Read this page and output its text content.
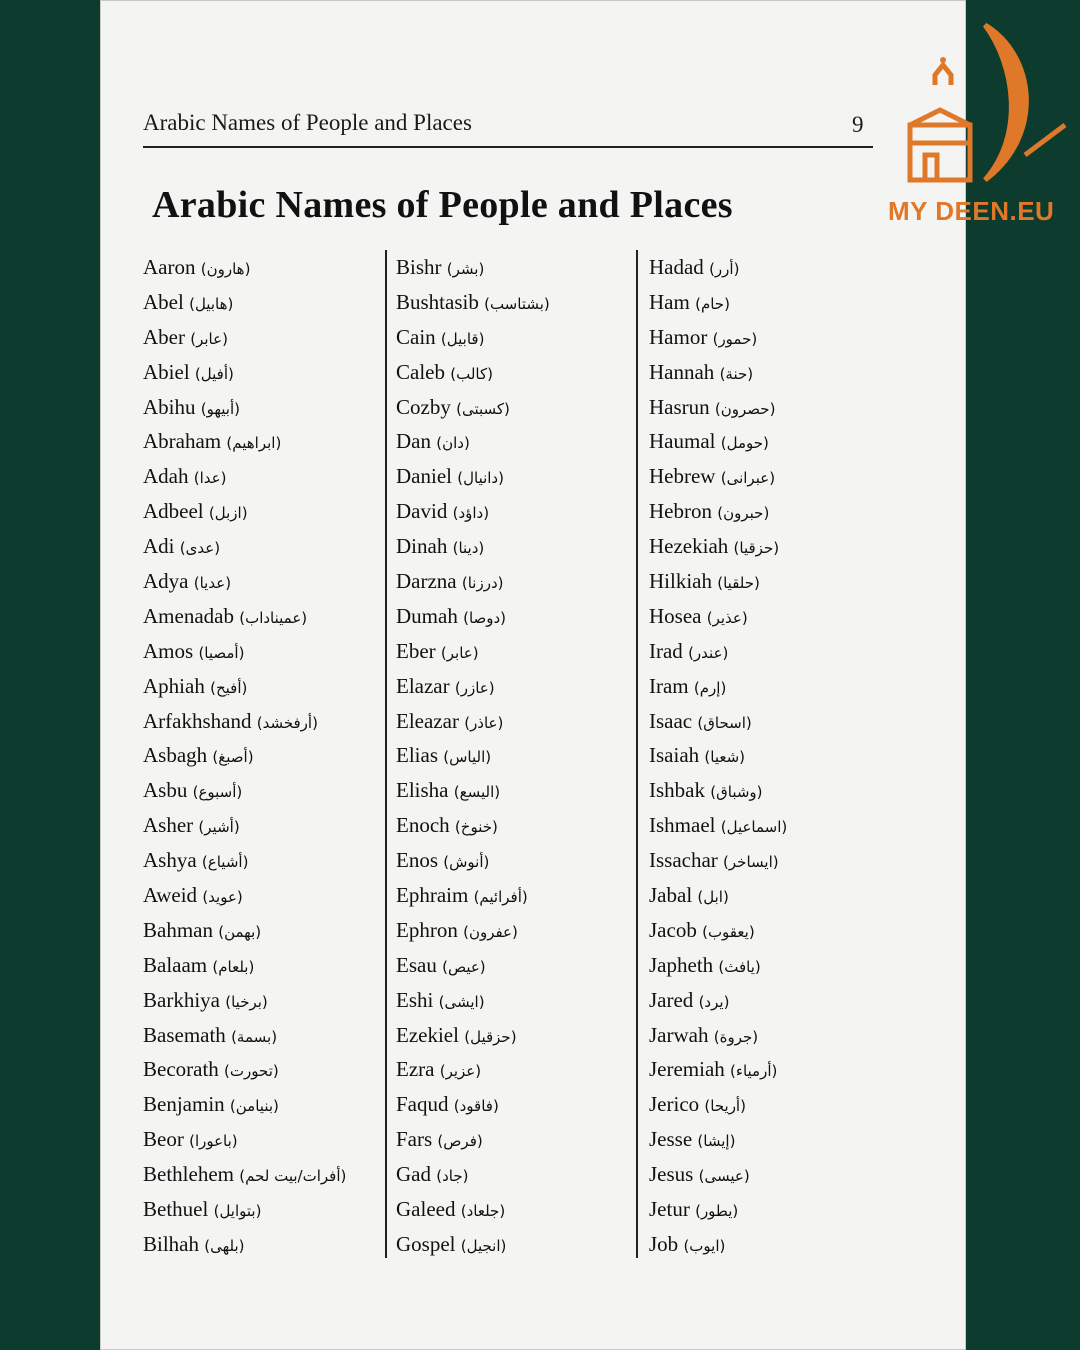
Arabic Names of People and Places	9
Arabic Names of People and Places
Aaron (هارون)
Abel (هابيل)
Aber (عابر)
Abiel (أفيل)
Abihu (أبيهو)
Abraham (ابراهيم)
Adah (عدا)
Adbeel (ازبل)
Adi (عدى)
Adya (عديا)
Amenadab (عميناداب)
Amos (أمصيا)
Aphiah (أفيح)
Arfakhshand (أرفخشد)
Asbagh (أصبغ)
Asbu (أسبوع)
Asher (أشير)
Ashya (أشياع)
Aweid (عويد)
Bahman (بهمن)
Balaam (بلعام)
Barkhiya (برخيا)
Basemath (بسمة)
Becorath (تحورت)
Benjamin (بنيامن)
Beor (باعورا)
Bethlehem (أفرات/بيت لحم)
Bethuel (بتوايل)
Bilhah (بلهى)
Bishr (بشر)
Bushtasib (بشتاسب)
Cain (قابيل)
Caleb (كالب)
Cozby (كسبتى)
Dan (دان)
Daniel (دانيال)
David (داؤد)
Dinah (دينا)
Darzna (درزنا)
Dumah (دوصا)
Eber (عابر)
Elazar (عازر)
Eleazar (عاذر)
Elias (الياس)
Elisha (اليسع)
Enoch (خنوخ)
Enos (أنوش)
Ephraim (أفرائيم)
Ephron (عفرون)
Esau (عيص)
Eshi (ايشى)
Ezekiel (حزقيل)
Ezra (عزير)
Faqud (فاقود)
Fars (فرص)
Gad (جاد)
Galeed (جلعاد)
Gospel (انجيل)
Hadad (أرر)
Ham (حام)
Hamor (حمور)
Hannah (حنة)
Hasrun (حصرون)
Haumal (حومل)
Hebrew (عبرانى)
Hebron (حبرون)
Hezekiah (حزقيا)
Hilkiah (حلقيا)
Hosea (عذير)
Irad (عندر)
Iram (إرم)
Isaac (اسحاق)
Isaiah (شعيا)
Ishbak (وشباق)
Ishmael (اسماعيل)
Issachar (ايساخر)
Jabal (ابل)
Jacob (يعقوب)
Japheth (يافث)
Jared (يرد)
Jarwah (جروة)
Jeremiah (أرمياء)
Jerico (أريحا)
Jesse (إيشا)
Jesus (عيسى)
Jetur (يطور)
Job (ايوب)
MY DEEN.EU
